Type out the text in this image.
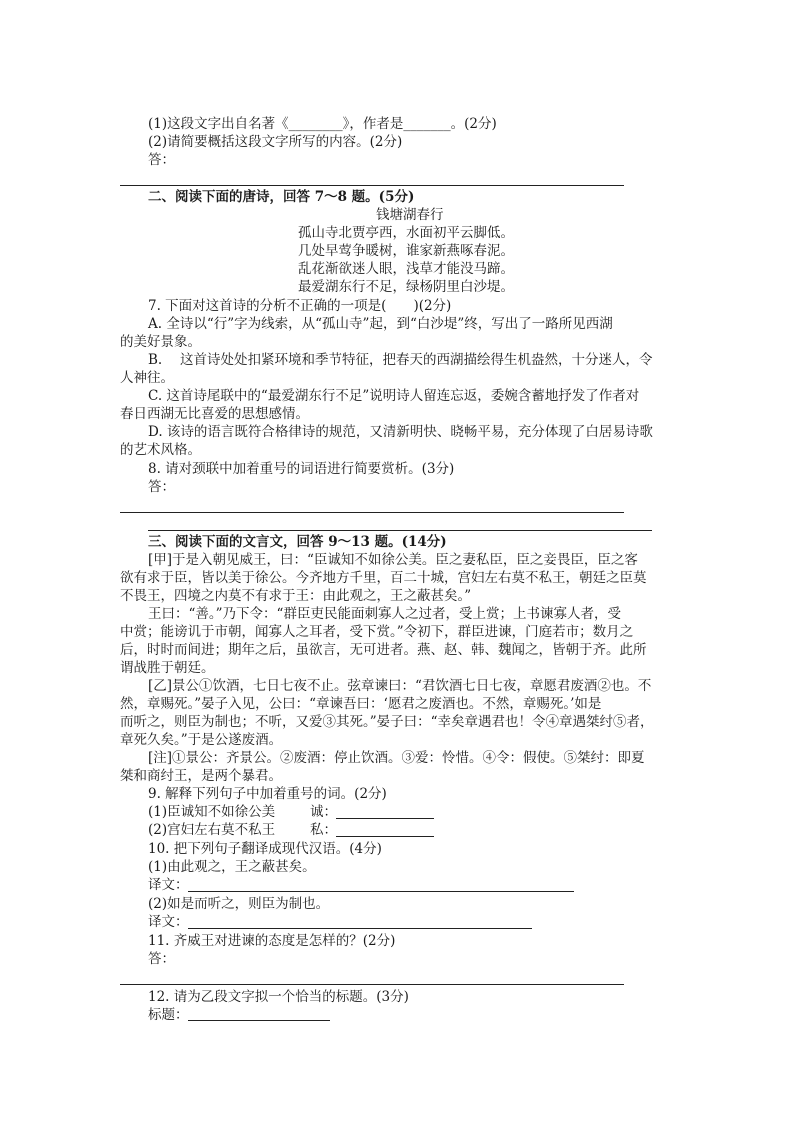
(1)这段文字出自名著《________》，作者是_______。(2分)
(2)请简要概括这段文字所写的内容。(2分)
答：
二、阅读下面的唐诗，回答 7～8 题。(5分)
钱塘湖春行
孤山寺北贾亭西，水面初平云脚低。
几处早莺争暖树，谁家新燕啄春泥。
乱花渐欲迷人眼，浅草才能没马蹄。
最爱湖东行不足，绿杨阴里白沙堤。
7. 下面对这首诗的分析不正确的一项是(　　)(2分)
A. 全诗以“行”字为线索，从“孤山寺”起，到“白沙堤”终，写出了一路所见西湖
的美好景象。
B.　 这首诗处处扣紧环境和季节特征，把春天的西湖描绘得生机盎然，十分迷人，令
人神往。
C. 这首诗尾联中的“最爱湖东行不足”说明诗人留连忘返，委婉含蓄地抒发了作者对
春日西湖无比喜爱的思想感情。
D. 该诗的语言既符合格律诗的规范，又清新明快、晓畅平易，充分体现了白居易诗歌
的艺术风格。
8. 请对颈联中加着重号的词语进行简要赏析。(3分)
答：
三、阅读下面的文言文，回答 9～13 题。(14分)
[甲]于是入朝见威王，曰：“臣诚知不如徐公美。臣之妻私臣，臣之妾畏臣，臣之客
欲有求于臣，皆以美于徐公。今齐地方千里，百二十城，宫妇左右莫不私王，朝廷之臣莫
不畏王，四境之内莫不有求于王：由此观之，王之蔽甚矣。”
王曰：“善。”乃下令：“群臣吏民能面刺寡人之过者，受上赏；上书谏寡人者，受
中赏；能谤讥于市朝，闻寡人之耳者，受下赏。”令初下，群臣进谏，门庭若市；数月之
后，时时而间进；期年之后，虽欲言，无可进者。燕、赵、韩、魏闻之，皆朝于齐。此所
谓战胜于朝廷。
[乙]景公①饮酒，七日七夜不止。弦章谏曰：“君饮酒七日七夜，章愿君废酒②也。不
然，章赐死。”晏子入见，公曰：“章谏吾曰：‘愿君之废酒也。不然，章赐死。’如是
而听之，则臣为制也；不听，又爱③其死。”晏子曰：“幸矣章遇君也！令④章遇桀纣⑤者，
章死久矣。”于是公遂废酒。
[注]①景公：齐景公。②废酒：停止饮酒。③爱：怜惜。④令：假使。⑤桀纣：即夏
桀和商纣王，是两个暴君。
9. 解释下列句子中加着重号的词。(2分)
(1)臣诚知不如徐公美	诚：
(2)宫妇左右莫不私王	私：
10. 把下列句子翻译成现代汉语。(4分)
(1)由此观之，王之蔽甚矣。
译文：
(2)如是而听之，则臣为制也。
译文：
11. 齐威王对进谏的态度是怎样的？(2分)
答：
12. 请为乙段文字拟一个恰当的标题。(3分)
标题：
